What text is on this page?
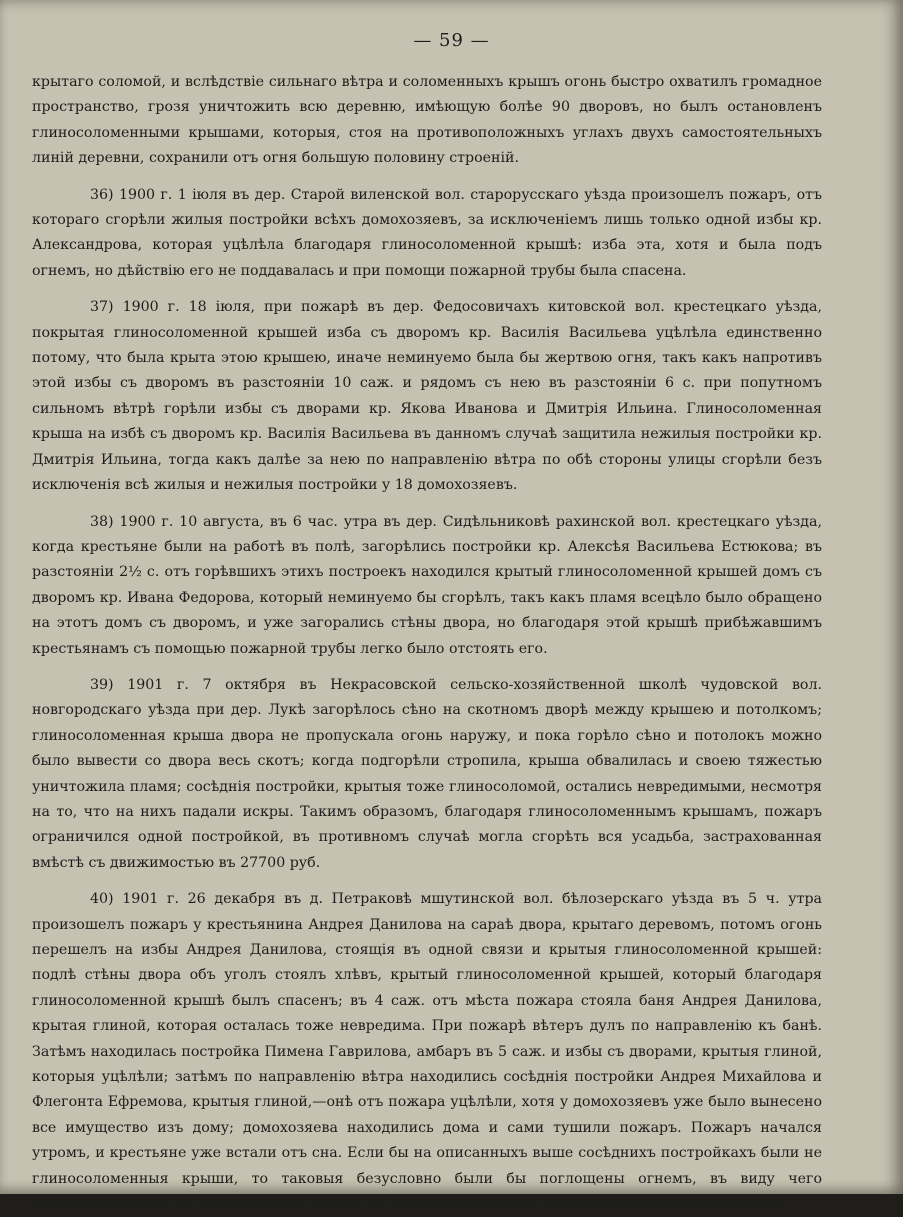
— 59 —

крытаго соломой, и вслѣдствіе сильнаго вѣтра и соломенныхъ крышъ огонь быстро охватилъ громадное пространство, грозя уничтожить всю деревню, имѣющую болѣе 90 дворовъ, но былъ остановленъ глиносоломенными крышами, которыя, стоя на противоположныхъ углахъ двухъ самостоятельныхъ линій деревни, сохранили отъ огня большую половину строеній.

36) 1900 г. 1 іюля въ дер. Старой виленской вол. старорусскаго уѣзда произошелъ пожаръ, отъ котораго сгорѣли жилыя постройки всѣхъ домохозяевъ, за исключеніемъ лишь только одной избы кр. Александрова, которая уцѣлѣла благодаря глиносоломенной крышѣ: изба эта, хотя и была подъ огнемъ, но дѣйствію его не поддавалась и при помощи пожарной трубы была спасена.

37) 1900 г. 18 іюля, при пожарѣ въ дер. Федосовичахъ китовской вол. крестецкаго уѣзда, покрытая глиносоломенной крышей изба съ дворомъ кр. Василія Васильева уцѣлѣла единственно потому, что была крыта этою крышею, иначе неминуемо была бы жертвою огня, такъ какъ напротивъ этой избы съ дворомъ въ разстояніи 10 саж. и рядомъ съ нею въ разстояніи 6 с. при попутномъ сильномъ вѣтрѣ горѣли избы съ дворами кр. Якова Иванова и Дмитрія Ильина. Глиносоломенная крыша на избѣ съ дворомъ кр. Василія Васильева въ данномъ случаѣ защитила нежилыя постройки кр. Дмитрія Ильина, тогда какъ далѣе за нею по направленію вѣтра по обѣ стороны улицы сгорѣли безъ исключенія всѣ жилыя и нежилыя постройки у 18 домохозяевъ.

38) 1900 г. 10 августа, въ 6 час. утра въ дер. Сидѣльниковѣ рахинской вол. крестецкаго уѣзда, когда крестьяне были на работѣ въ полѣ, загорѣлись постройки кр. Алексѣя Васильева Естюкова; въ разстояніи 2½ с. отъ горѣвшихъ этихъ построекъ находился крытый глиносоломенной крышей домъ съ дворомъ кр. Ивана Федорова, который неминуемо бы сгорѣлъ, такъ какъ пламя всецѣло было обращено на этотъ домъ съ дворомъ, и уже загорались стѣны двора, но благодаря этой крышѣ прибѣжавшимъ крестьянамъ съ помощью пожарной трубы легко было отстоять его.

39) 1901 г. 7 октября въ Некрасовской сельско-хозяйственной школѣ чудовской вол. новгородскаго уѣзда при дер. Лукѣ загорѣлось сѣно на скотномъ дворѣ между крышею и потолкомъ; глиносоломенная крыша двора не пропускала огонь наружу, и пока горѣло сѣно и потолокъ можно было вывести со двора весь скотъ; когда подгорѣли стропила, крыша обвалилась и своею тяжестью уничтожила пламя; сосѣднія постройки, крытыя тоже глиносоломой, остались невредимыми, несмотря на то, что на нихъ падали искры. Такимъ образомъ, благодаря глиносоломеннымъ крышамъ, пожаръ ограничился одной постройкой, въ противномъ случаѣ могла сгорѣть вся усадьба, застрахованная вмѣстѣ съ движимостью въ 27700 руб.

40) 1901 г. 26 декабря въ д. Петраковѣ мшутинской вол. бѣлозерскаго уѣзда въ 5 ч. утра произошелъ пожаръ у крестьянина Андрея Данилова на сараѣ двора, крытаго деревомъ, потомъ огонь перешелъ на избы Андрея Данилова, стоящія въ одной связи и крытыя глиносоломенной крышей: подлѣ стѣны двора объ уголъ стоялъ хлѣвъ, крытый глиносоломенной крышей, который благодаря глиносоломенной крышѣ былъ спасенъ; въ 4 саж. отъ мѣста пожара стояла баня Андрея Данилова, крытая глиной, которая осталась тоже невредима. При пожарѣ вѣтеръ дулъ по направленію къ банѣ. Затѣмъ находилась постройка Пимена Гаврилова, амбаръ въ 5 саж. и избы съ дворами, крытыя глиной, которыя уцѣлѣли; затѣмъ по направленію вѣтра находились сосѣднія постройки Андрея Михайлова и Флегонта Ефремова, крытыя глиной,—онѣ отъ пожара уцѣлѣли, хотя у домохозяевъ уже было вынесено все имущество изъ дому; домохозяева находились дома и сами тушили пожаръ. Пожаръ начался утромъ, и крестьяне уже встали отъ сна. Если бы на описанныхъ выше сосѣднихъ постройкахъ были не глиносоломенныя крыши, то таковыя безусловно были бы поглощены огнемъ, въ виду чего распространеніе глиносоломенныхъ крышъ въ противопожарномъ отношеніи крайне желательно и
